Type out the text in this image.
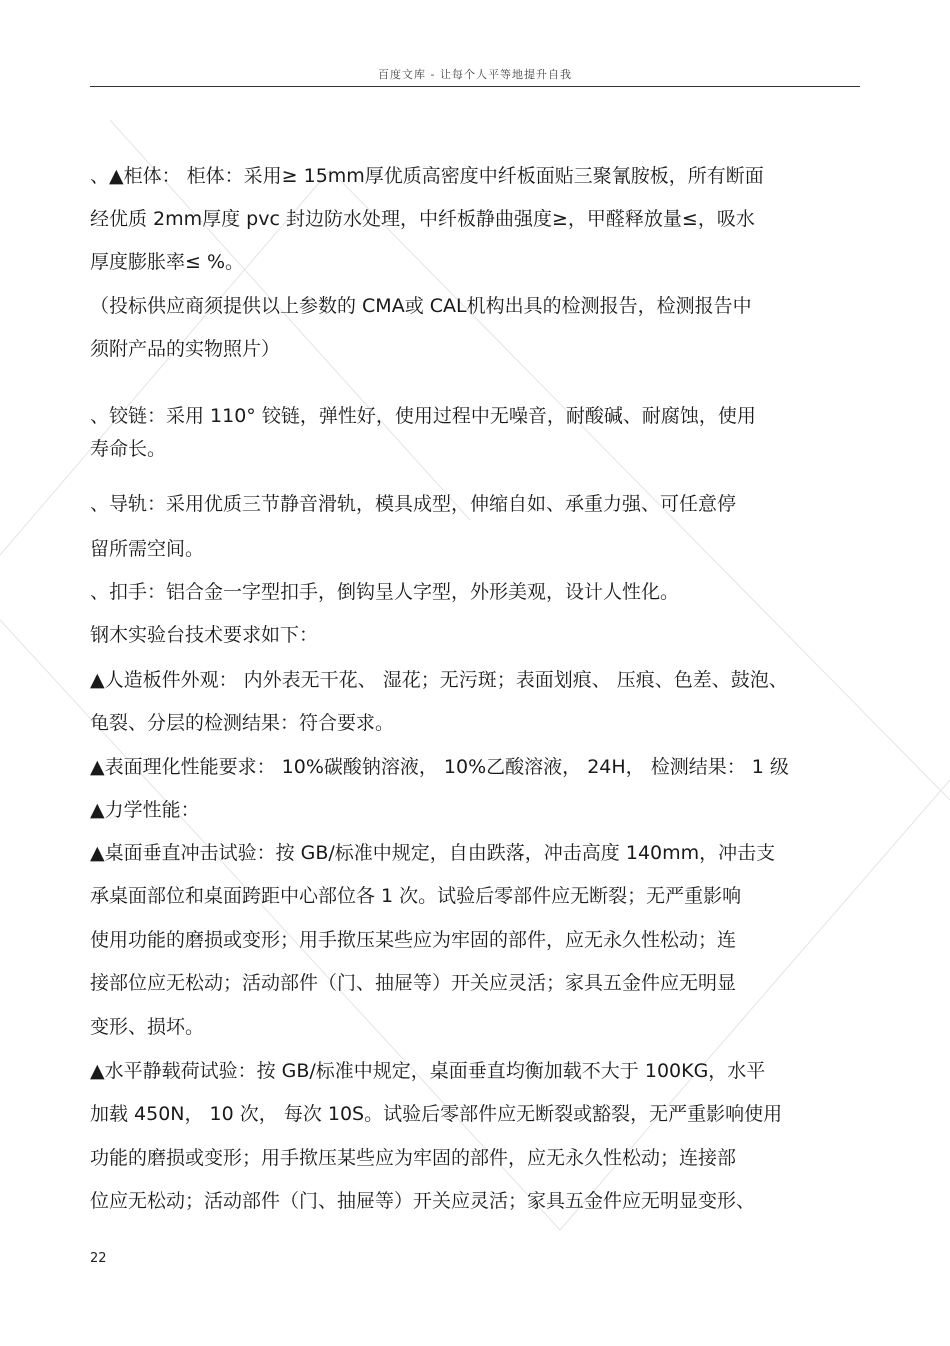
百度文库 - 让每个人平等地提升自我
、▲柜体： 柜体：采用≥ 15mm厚优质高密度中纤板面贴三聚氰胺板，所有断面
经优质 2mm厚度 pvc 封边防水处理，中纤板静曲强度≥，甲醛释放量≤，吸水
厚度膨胀率≤ %。
（投标供应商须提供以上参数的 CMA或 CAL机构出具的检测报告，检测报告中
须附产品的实物照片）
、铰链：采用 110° 铰链，弹性好，使用过程中无噪音，耐酸碱、耐腐蚀，使用
寿命长。
、导轨：采用优质三节静音滑轨，模具成型，伸缩自如、承重力强、可任意停
留所需空间。
、扣手：铝合金一字型扣手，倒钩呈人字型，外形美观，设计人性化。
钢木实验台技术要求如下：
▲人造板件外观： 内外表无干花、 湿花；无污斑；表面划痕、 压痕、色差、鼓泡、
龟裂、分层的检测结果：符合要求。
▲表面理化性能要求： 10%碳酸钠溶液， 10%乙酸溶液， 24H， 检测结果： 1 级
▲力学性能：
▲桌面垂直冲击试验：按 GB/标准中规定，自由跌落，冲击高度 140mm，冲击支
承桌面部位和桌面跨距中心部位各 1 次。试验后零部件应无断裂；无严重影响
使用功能的磨损或变形；用手揿压某些应为牢固的部件，应无永久性松动；连
接部位应无松动；活动部件（门、抽屉等）开关应灵活；家具五金件应无明显
变形、损坏。
▲水平静载荷试验：按 GB/标准中规定，桌面垂直均衡加载不大于 100KG，水平
加载 450N， 10 次， 每次 10S。试验后零部件应无断裂或豁裂，无严重影响使用
功能的磨损或变形；用手揿压某些应为牢固的部件，应无永久性松动；连接部
位应无松动；活动部件（门、抽屉等）开关应灵活；家具五金件应无明显变形、
22
